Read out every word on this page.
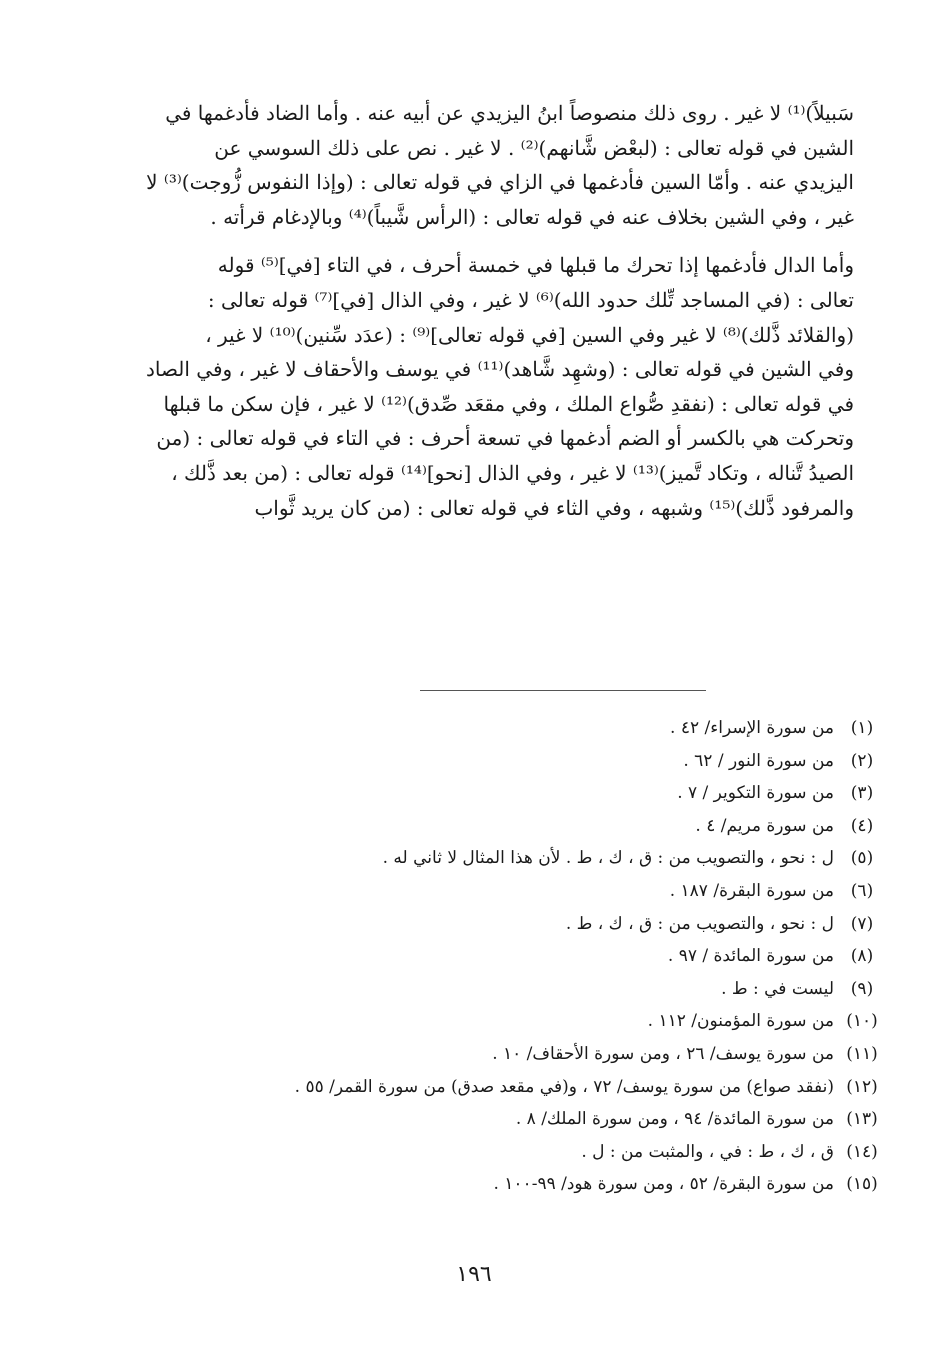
سَبيلاً)⁽¹⁾ لا غير . روى ذلك منصوصاً ابنُ اليزيدي عن أبيه عنه . وأما الضاد فأدغمها في

الشين في قوله تعالى : (لبعْض شَّانهم)⁽²⁾ . لا غير . نص على ذلك السوسي عن

اليزيدي عنه . وأمّا السين فأدغمها في الزاي في قوله تعالى : (وإذا النفوس زُّوجت)⁽³⁾ لا

غير ، وفي الشين بخلاف عنه في قوله تعالى : (الرأس شَّيباً)⁽⁴⁾ وبالإدغام قرأته .

وأما الدال فأدغمها إذا تحرك ما قبلها في خمسة أحرف ، في التاء [في]⁽⁵⁾ قوله

تعالى : (في المساجد تِّلك حدود الله)⁽⁶⁾ لا غير ، وفي الذال [في]⁽⁷⁾ قوله تعالى :

(والقلائد ذَّلك)⁽⁸⁾ لا غير وفي السين [في قوله تعالى]⁽⁹⁾ : (عدَد سِّنين)⁽¹⁰⁾ لا غير ،

وفي الشين في قوله تعالى : (وشهِد شَّاهد)⁽¹¹⁾ في يوسف والأحقاف لا غير ، وفي الصاد

في قوله تعالى : (نفقدِ صُّواع الملك ، وفي مقعَد صِّدق)⁽¹²⁾ لا غير ، فإن سكن ما قبلها

وتحركت هي بالكسر أو الضم أدغمها في تسعة أحرف : في التاء في قوله تعالى : (من

الصيدُ تَّناله ، وتكاد تَّميز)⁽¹³⁾ لا غير ، وفي الذال [نحو]⁽¹⁴⁾ قوله تعالى : (من بعد ذَّلك ،

والمرفود ذَّلك)⁽¹⁵⁾ وشبهه ، وفي الثاء في قوله تعالى : (من كان يريد ثَّواب

(١)
من سورة الإسراء/ ٤٢ .
(٢)
من سورة النور / ٦٢ .
(٣)
من سورة التكوير / ٧ .
(٤)
من سورة مريم/ ٤ .
(٥)
ل : نحو ، والتصويب من : ق ، ك ، ط . لأن هذا المثال لا ثاني له .
(٦)
من سورة البقرة/ ١٨٧ .
(٧)
ل : نحو ، والتصويب من : ق ، ك ، ط .
(٨)
من سورة المائدة / ٩٧ .
(٩)
ليست في : ط .
(١٠)
من سورة المؤمنون/ ١١٢ .
(١١)
من سورة يوسف/ ٢٦ ، ومن سورة الأحقاف/ ١٠ .
(١٢)
(نفقد صواع) من سورة يوسف/ ٧٢ ، و(في مقعد صدق) من سورة القمر/ ٥٥ .
(١٣)
من سورة المائدة/ ٩٤ ، ومن سورة الملك/ ٨ .
(١٤)
ق ، ك ، ط : في ، والمثبت من : ل .
(١٥)
من سورة البقرة/ ٥٢ ، ومن سورة هود/ ٩٩-١٠٠ .
١٩٦
